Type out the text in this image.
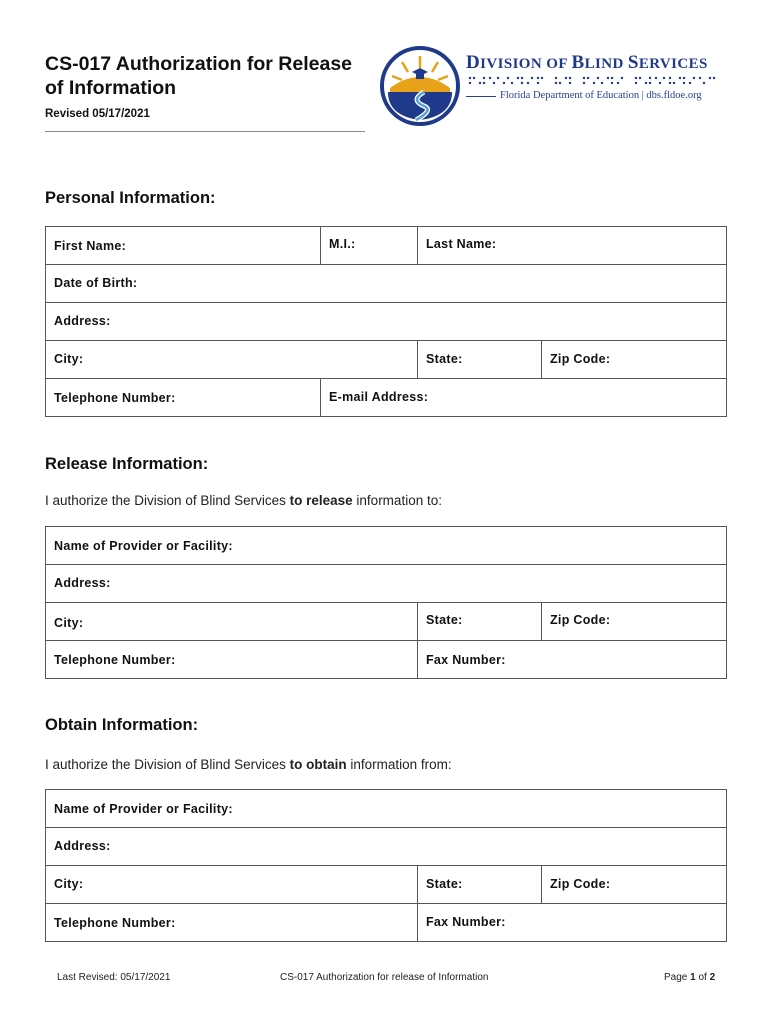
CS-017 Authorization for Release
of Information
Revised 05/17/2021
DIVISION OF BLIND SERVICES
Florida Department of Education | dbs.fldoe.org
Personal Information:
First Name:	M.I.:	Last Name:
Date of Birth:
Address:
City:	State:	Zip Code:
Telephone Number:	E-mail Address:
Release Information:

I authorize the Division of Blind Services to release information to:

Name of Provider or Facility:
Address:
City:	State:	Zip Code:
Telephone Number:	Fax Number:
Obtain Information:

I authorize the Division of Blind Services to obtain information from:

Name of Provider or Facility:
Address:
City:	State:	Zip Code:
Telephone Number:	Fax Number:
Last Revised: 05/17/2021	CS-017 Authorization for release of Information	Page 1 of 2
